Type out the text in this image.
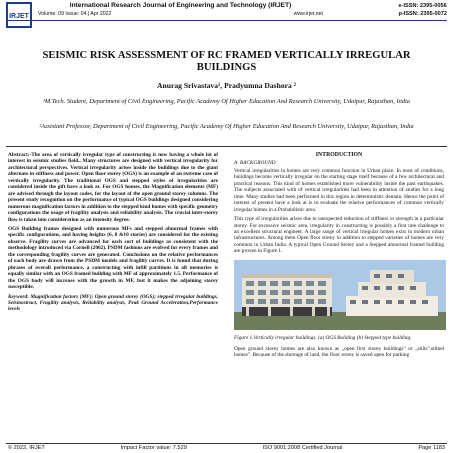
IRJET
International Research Journal of Engineering and Technology (IRJET)
Volume: 09 Issue: 04 | Apr 2022	www.irjet.net
e-ISSN: 2395-0056
p-ISSN: 2395-0072
SEISMIC RISK ASSESSMENT OF RC FRAMED VERTICALLY IRREGULAR BUILDINGS
Anurag Srivastava¹, Pradyumna Dashora ²
¹M.Tech. Student, Department of Civil Engineering, Pacific Academy Of Higher Education And Research University, Udaipur, Rajasthan, India
²Assistant Professor, Department of Civil Engineering, Pacific Academy Of Higher Education And Research University, Udaipur, Rajasthan, India

Abstract:-The area of vertically irregular type of constructing is now having a whole lot of interest in seismic studies field.. Many structures are designed with vertical irregularity for architectural perspectives. Vertical irregularity arises inside the buildings due to the giant alternate in stiffness and power. Open floor storey (OGS) is an example of an extreme case of vertically irregularity. The traditional OGS and stepped styles of irregularities are considered inside the gift have a look at. For OGS homes, the Magnification elements (MF) are advised through the layout codes, for the layout of the open ground storey columns. The present study recognition on the performance of typical OGS buildings designed considering numerous magnification factors in addition to the stepped kind homes with specific geometry configurations the usage of fragility analysis and reliability analysis. The crucial inter-storey flow is taken into consideration as an intensity degree.

OGS Building frames designed with numerous MFs and stepped abnormal frames with specific configurations, and having heights (6, 8 &10 stories) are considered for the existing observe. Fragility curves are advanced for each sort of buildings as consistent with the methodology introduced via Cornell (2002). PSDM fashions are evolved for every frames and the corresponding fragility curves are generated. Conclusions on the relative performances of each body are drawn from the PSDM models and fragility curves. It is found that during phrases of overall performance, a constructing with infill partitions in all memories is equally similar with an OGS framed building with MF of approximately 1.5. Performance of the OGS body will increase with the growth in MF, but it makes the adjoining storey susceptible.

Keyword: Magnification factors (MF); Open ground storey (OGS); stepped irregular buildings, Seismostruct, Fragility analysis, Reliability analysis, Peak Ground Acceleration,Performance levels

INTRODUCTION
A. BACKGROUND

Vertical irregularities in homes are very common function in Urban place. In most of conditions, buildings become vertically irregular on the starting stage itself because of a few architectural and practical reasons. This kind of homes established more vulnerability inside the past earthquakes. The subjects associated with of vertical irregularities had been in attention of studies for a long time. Many studies had been performed in this region in deterministic domain. Hence the point of interest of present have a look at is to evaluate the relative performances of common vertically irregular homes in a Probabilistic area.

This type of irregularities arises due to unexpected reduction of stiffness or strength in a particular storey. For excessive seismic area, irregularity in constructing is possibly a first rate challenge to an excellent structural engineer. A large range of vertical irregular homes exist in modern urban infrastructures. Among them Open floor storey in addition to stepped varieties of homes are very common in Urban India. A typical Open Ground Storey and a Stepped abnormal framed building are proven in Figure 1.

Figure 1.Vertically irregular buildings. (a) OGS Building (b) Stepped type building.

Open ground storey homes are also known as „open first storey buildings" or „stilts",stilted homes". Because of the shortage of land, the floor storey is saved open for parking

© 2022, IRJET	Impact Factor value: 7.529	ISO 9001:2008 Certified Journal	Page 1183
